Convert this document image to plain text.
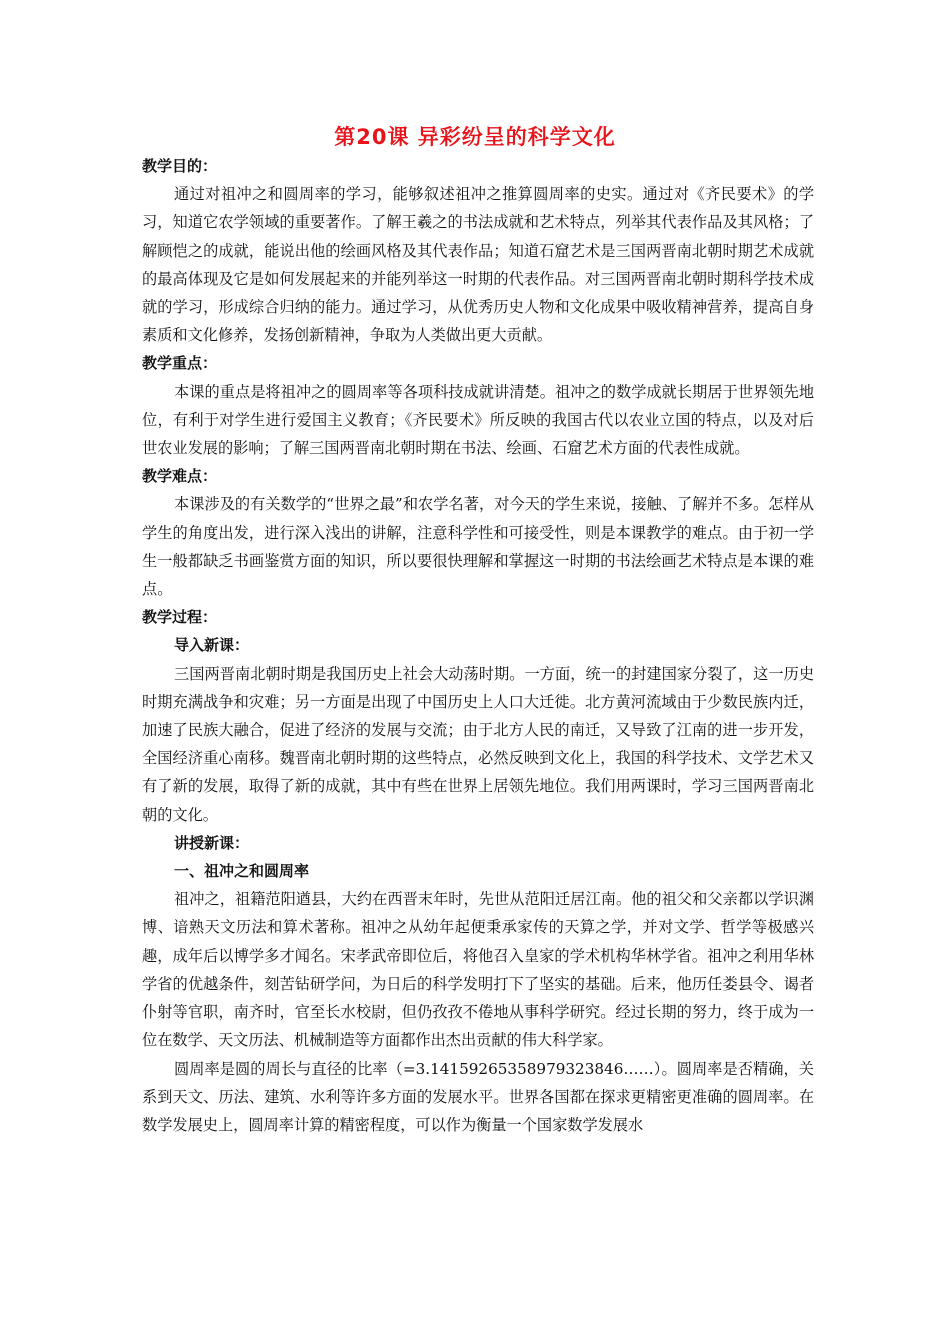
第20课 异彩纷呈的科学文化

教学目的：

通过对祖冲之和圆周率的学习，能够叙述祖冲之推算圆周率的史实。通过对《齐民要术》的学习，知道它农学领域的重要著作。了解王羲之的书法成就和艺术特点，列举其代表作品及其风格；了解顾恺之的成就，能说出他的绘画风格及其代表作品；知道石窟艺术是三国两晋南北朝时期艺术成就的最高体现及它是如何发展起来的并能列举这一时期的代表作品。对三国两晋南北朝时期科学技术成就的学习，形成综合归纳的能力。通过学习，从优秀历史人物和文化成果中吸收精神营养，提高自身素质和文化修养，发扬创新精神，争取为人类做出更大贡献。

教学重点：

本课的重点是将祖冲之的圆周率等各项科技成就讲清楚。祖冲之的数学成就长期居于世界领先地位，有利于对学生进行爱国主义教育；《齐民要术》所反映的我国古代以农业立国的特点，以及对后世农业发展的影响；了解三国两晋南北朝时期在书法、绘画、石窟艺术方面的代表性成就。

教学难点：

本课涉及的有关数学的“世界之最”和农学名著，对今天的学生来说，接触、了解并不多。怎样从学生的角度出发，进行深入浅出的讲解，注意科学性和可接受性，则是本课教学的难点。由于初一学生一般都缺乏书画鉴赏方面的知识，所以要很快理解和掌握这一时期的书法绘画艺术特点是本课的难点。

教学过程：

导入新课：

三国两晋南北朝时期是我国历史上社会大动荡时期。一方面，统一的封建国家分裂了，这一历史时期充满战争和灾难；另一方面是出现了中国历史上人口大迁徙。北方黄河流域由于少数民族内迁，加速了民族大融合，促进了经济的发展与交流；由于北方人民的南迁，又导致了江南的进一步开发，全国经济重心南移。魏晋南北朝时期的这些特点，必然反映到文化上，我国的科学技术、文学艺术又有了新的发展，取得了新的成就，其中有些在世界上居领先地位。我们用两课时，学习三国两晋南北朝的文化。

讲授新课：

一、祖冲之和圆周率

祖冲之，祖籍范阳遒县，大约在西晋末年时，先世从范阳迁居江南。他的祖父和父亲都以学识渊博、谙熟天文历法和算术著称。祖冲之从幼年起便秉承家传的天算之学，并对文学、哲学等极感兴趣，成年后以博学多才闻名。宋孝武帝即位后，将他召入皇家的学术机构华林学省。祖冲之利用华林学省的优越条件，刻苦钻研学问，为日后的科学发明打下了坚实的基础。后来，他历任娄县令、谒者仆射等官职，南齐时，官至长水校尉，但仍孜孜不倦地从事科学研究。经过长期的努力，终于成为一位在数学、天文历法、机械制造等方面都作出杰出贡献的伟大科学家。

圆周率是圆的周长与直径的比率（=3.14159265358979323846……）。圆周率是否精确，关系到天文、历法、建筑、水利等许多方面的发展水平。世界各国都在探求更精密更准确的圆周率。在数学发展史上，圆周率计算的精密程度，可以作为衡量一个国家数学发展水
